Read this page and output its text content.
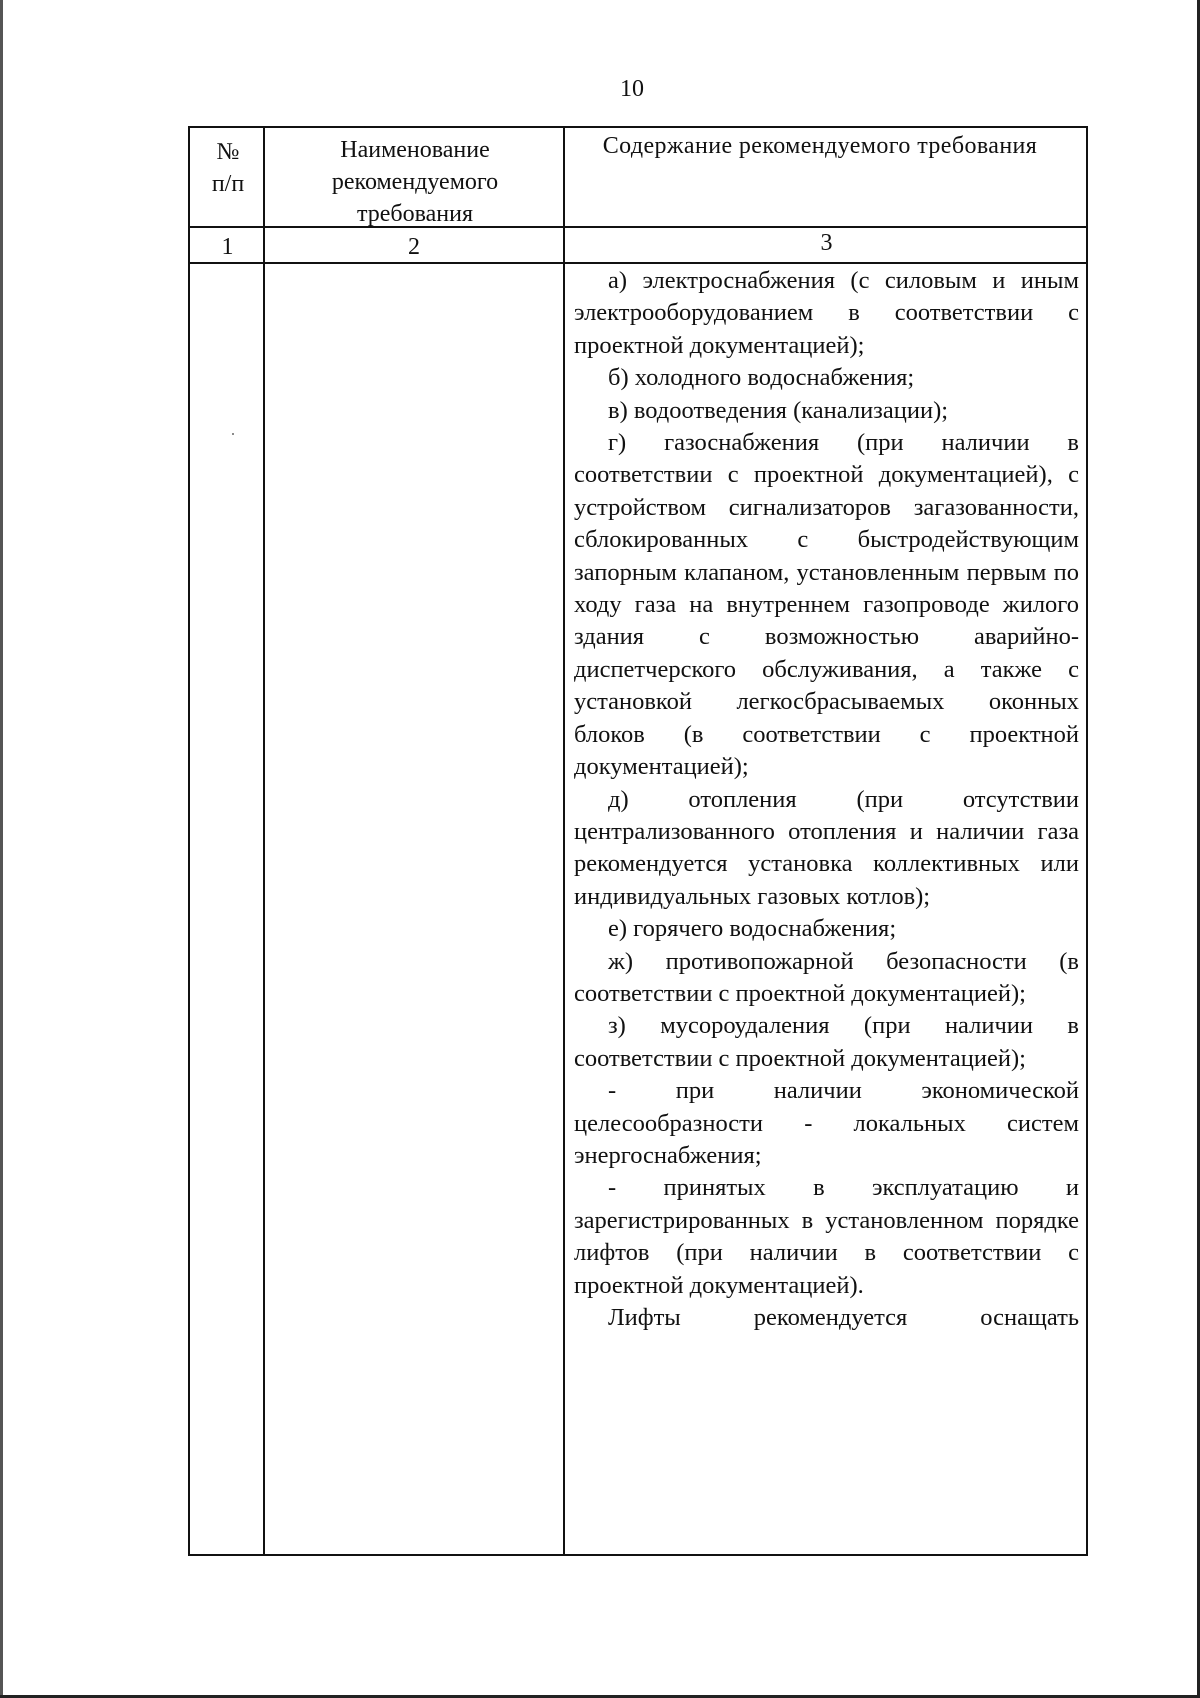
10
№ п/п
Наименование рекомендуемого требования
Содержание рекомендуемого требования
1	2	3

а) электроснабжения (с силовым и иным электрооборудованием в соответствии с проектной документацией);

б) холодного водоснабжения;

в) водоотведения (канализации);

г) газоснабжения (при наличии в соответствии с проектной документацией), с устройством сигнализаторов загазованности, сблокированных с быстродействующим запорным клапаном, установленным первым по ходу газа на внутреннем газопроводе жилого здания с возможностью аварийно-диспетчерского обслуживания, а также с установкой легкосбрасываемых оконных блоков (в соответствии с проектной документацией);

д) отопления (при отсутствии централизованного отопления и наличии газа рекомендуется установка коллективных или индивидуальных газовых котлов);

е) горячего водоснабжения;

ж) противопожарной безопасности (в соответствии с проектной документацией);

з) мусороудаления (при наличии в соответствии с проектной документацией);

- при наличии экономической целесообразности - локальных систем энергоснабжения;

- принятых в эксплуатацию и зарегистрированных в установленном порядке лифтов (при наличии в соответствии с проектной документацией).

Лифты рекомендуется оснащать
